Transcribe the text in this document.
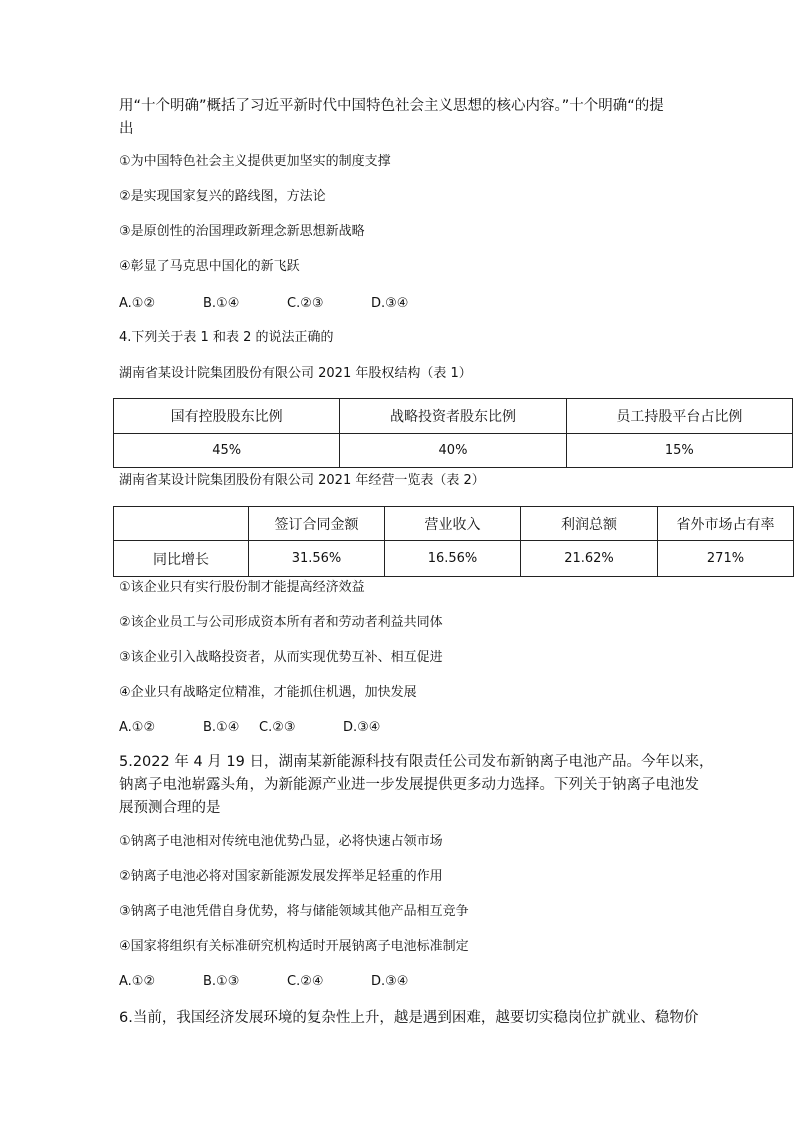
用“十个明确”概括了习近平新时代中国特色社会主义思想的核心内容。”十个明确“的提
出
①为中国特色社会主义提供更加坚实的制度支撑
②是实现国家复兴的路线图，方法论
③是原创性的治国理政新理念新思想新战略
④彰显了马克思中国化的新飞跃
A.①②	B.①④	C.②③	D.③④
4.下列关于表 1 和表 2 的说法正确的
湖南省某设计院集团股份有限公司 2021 年股权结构（表 1）
国有控股股东比例	战略投资者股东比例	员工持股平台占比例
45%	40%	15%
湖南省某设计院集团股份有限公司 2021 年经营一览表（表 2）
	签订合同金额	营业收入	利润总额	省外市场占有率
同比增长	31.56%	16.56%	21.62%	271%
①该企业只有实行股份制才能提高经济效益
②该企业员工与公司形成资本所有者和劳动者利益共同体
③该企业引入战略投资者，从而实现优势互补、相互促进
④企业只有战略定位精准，才能抓住机遇，加快发展
A.①②	B.①④ C.②③	D.③④
5.2022 年 4 月 19 日，湖南某新能源科技有限责任公司发布新钠离子电池产品。今年以来，
钠离子电池崭露头角，为新能源产业进一步发展提供更多动力选择。下列关于钠离子电池发
展预测合理的是
①钠离子电池相对传统电池优势凸显，必将快速占领市场
②钠离子电池必将对国家新能源发展发挥举足轻重的作用
③钠离子电池凭借自身优势，将与储能领域其他产品相互竞争
④国家将组织有关标准研究机构适时开展钠离子电池标准制定
A.①②	B.①③	C.②④	D.③④
6.当前，我国经济发展环境的复杂性上升，越是遇到困难，越要切实稳岗位扩就业、稳物价
